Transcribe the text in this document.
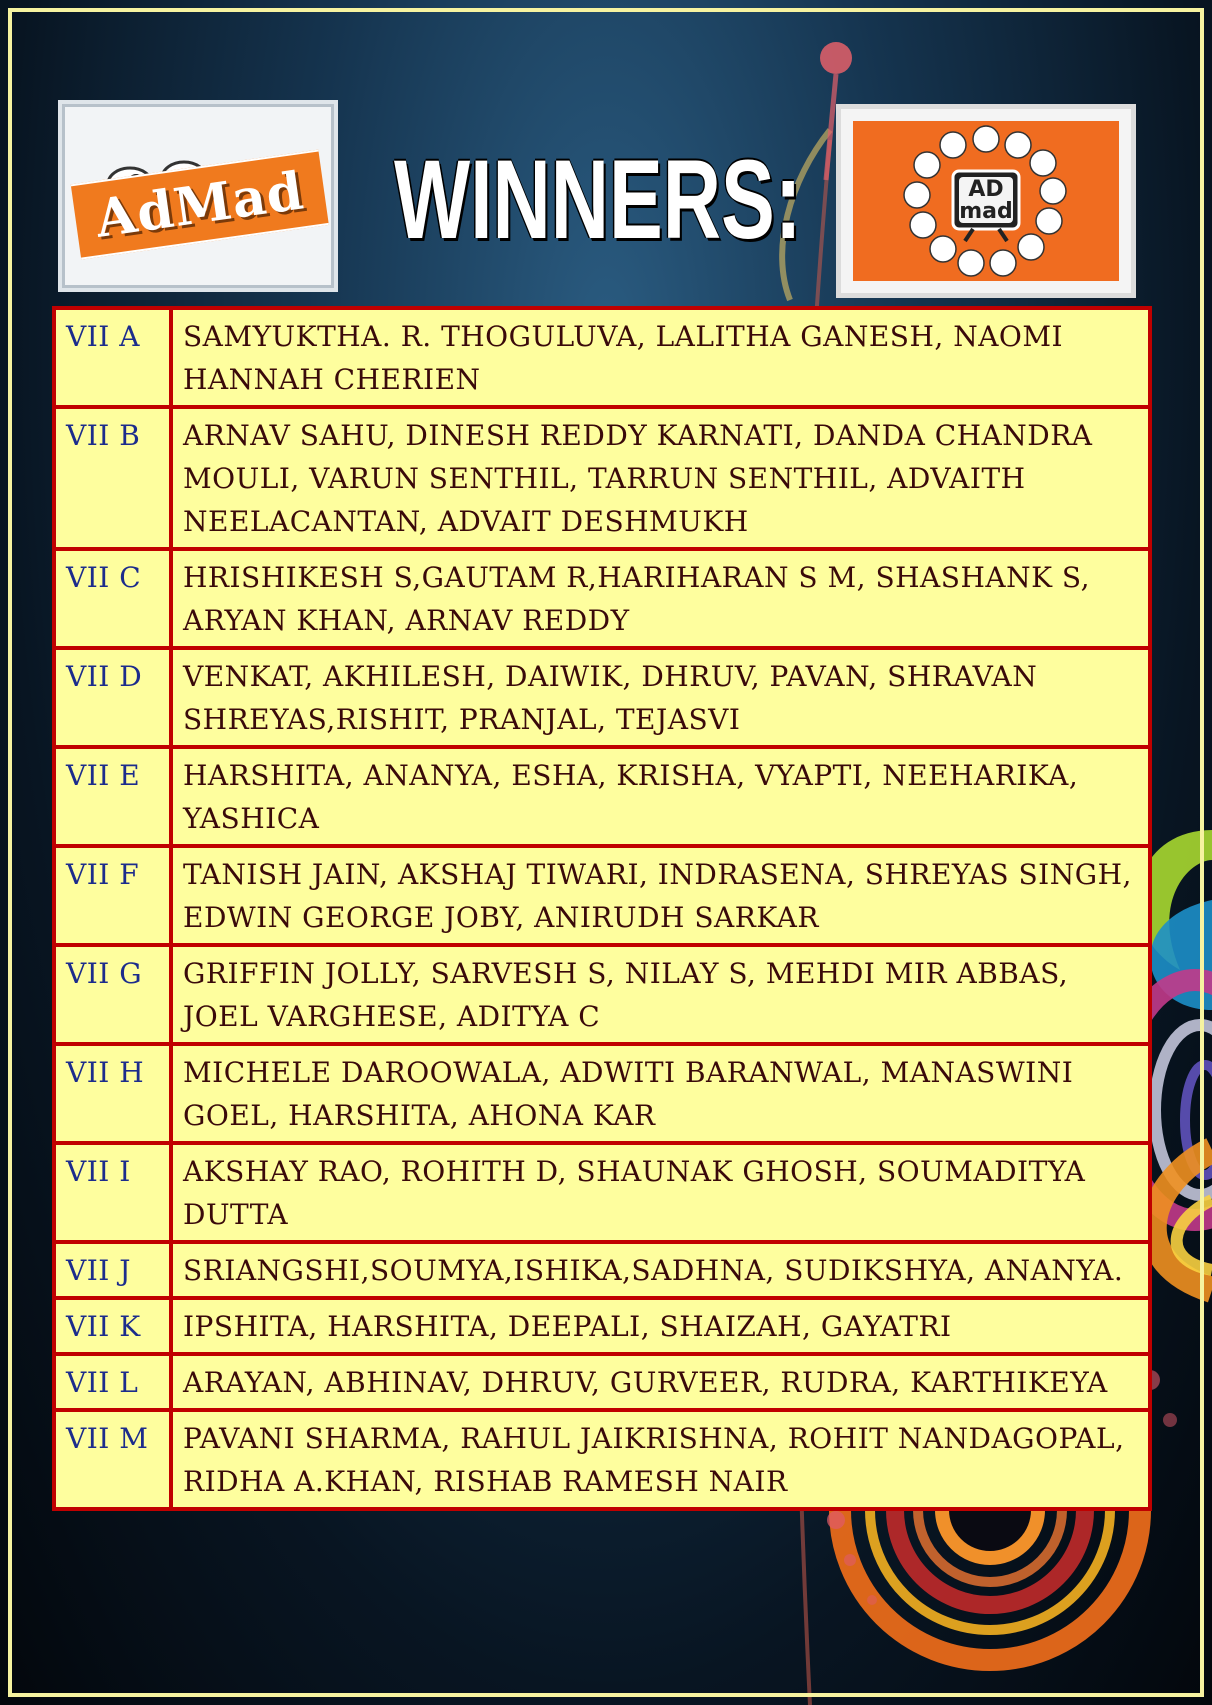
AdMad WINNERS:	AD mad
VII A	SAMYUKTHA. R. THOGULUVA, LALITHA GANESH, NAOMI HANNAH CHERIEN
VII B	ARNAV SAHU, DINESH REDDY KARNATI, DANDA CHANDRA MOULI, VARUN SENTHIL, TARRUN SENTHIL, ADVAITH NEELACANTAN, ADVAIT DESHMUKH
VII C	HRISHIKESH S,GAUTAM R,HARIHARAN S M, SHASHANK S, ARYAN KHAN, ARNAV REDDY
VII D	VENKAT, AKHILESH, DAIWIK, DHRUV, PAVAN, SHRAVAN SHREYAS,RISHIT, PRANJAL, TEJASVI
VII E	HARSHITA, ANANYA, ESHA, KRISHA, VYAPTI, NEEHARIKA, YASHICA
VII F	TANISH JAIN, AKSHAJ TIWARI, INDRASENA, SHREYAS SINGH, EDWIN GEORGE JOBY, ANIRUDH SARKAR
VII G	GRIFFIN JOLLY, SARVESH S, NILAY S, MEHDI MIR ABBAS, JOEL VARGHESE, ADITYA C
VII H	MICHELE DAROOWALA, ADWITI BARANWAL, MANASWINI GOEL, HARSHITA, AHONA KAR
VII I	AKSHAY RAO, ROHITH D, SHAUNAK GHOSH, SOUMADITYA DUTTA
VII J	SRIANGSHI,SOUMYA,ISHIKA,SADHNA, SUDIKSHYA, ANANYA.
VII K	IPSHITA, HARSHITA, DEEPALI, SHAIZAH, GAYATRI
VII L	ARAYAN, ABHINAV, DHRUV, GURVEER, RUDRA, KARTHIKEYA
VII M	PAVANI SHARMA, RAHUL JAIKRISHNA, ROHIT NANDAGOPAL, RIDHA A.KHAN, RISHAB RAMESH NAIR
